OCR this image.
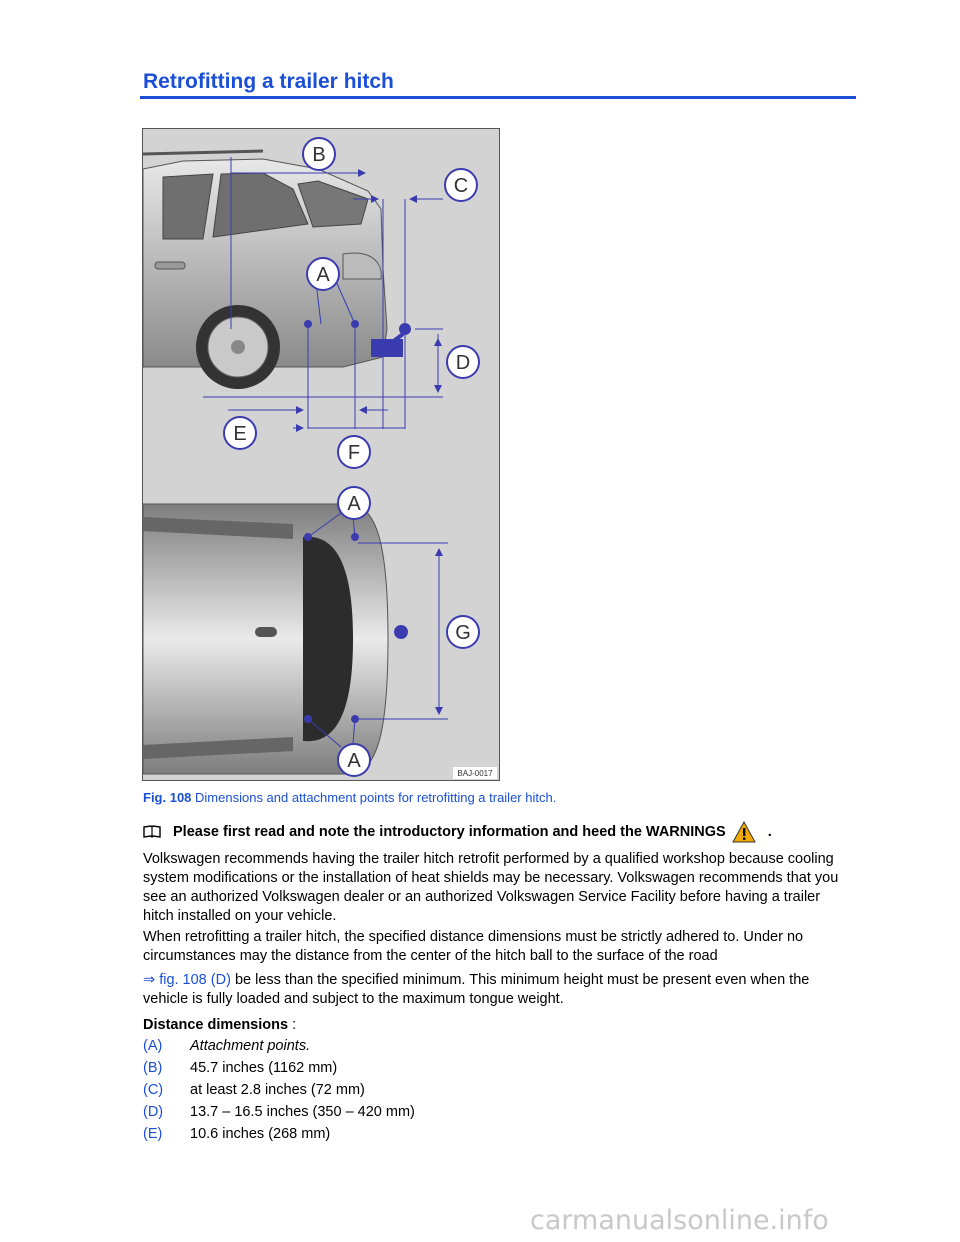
Retrofitting a trailer hitch
B
C
A
D
E
F
A
G
A
BAJ-0017
Fig. 108 Dimensions and attachment points for retrofitting a trailer hitch.
Please first read and note the introductory information and heed the WARNINGS	.
Volkswagen recommends having the trailer hitch retrofit performed by a qualified workshop because cooling system modifications or the installation of heat shields may be necessary. Volkswagen recommends that you see an authorized Volkswagen dealer or an authorized Volkswagen Service Facility before having a trailer hitch installed on your vehicle.
When retrofitting a trailer hitch, the specified distance dimensions must be strictly adhered to. Under no circumstances may the distance from the center of the hitch ball to the surface of the road
⇒ fig. 108 (D) be less than the specified minimum. This minimum height must be present even when the vehicle is fully loaded and subject to the maximum tongue weight.
Distance dimensions :
(A)	Attachment points.
(B)	45.7 inches (1162 mm)
(C)	at least 2.8 inches (72 mm)
(D)	13.7 – 16.5 inches (350 – 420 mm)
(E)	10.6 inches (268 mm)
carmanualsonline.info
